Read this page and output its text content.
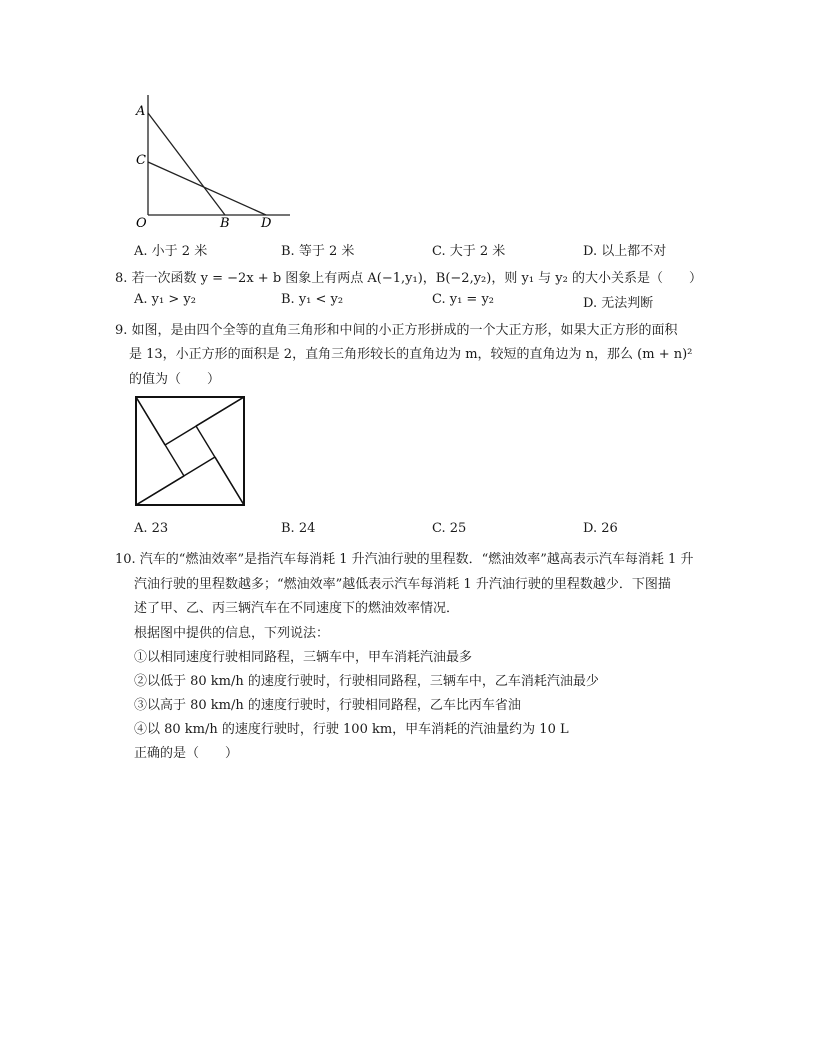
A
C
O	B D
A. 小于 2 米	B. 等于 2 米	C. 大于 2 米	D. 以上都不对
8. 若一次函数 y = −2x + b 图象上有两点 A(−1,y₁)，B(−2,y₂)，则 y₁ 与 y₂ 的大小关系是（　　）
A. y₁ > y₂	B. y₁ < y₂	C. y₁ = y₂	D. 无法判断
9. 如图，是由四个全等的直角三角形和中间的小正方形拼成的一个大正方形，如果大正方形的面积
是 13，小正方形的面积是 2，直角三角形较长的直角边为 m，较短的直角边为 n，那么 (m + n)²
的值为（　　）
A. 23	B. 24	C. 25	D. 26
10. 汽车的“燃油效率”是指汽车每消耗 1 升汽油行驶的里程数．“燃油效率”越高表示汽车每消耗 1 升
汽油行驶的里程数越多；“燃油效率”越低表示汽车每消耗 1 升汽油行驶的里程数越少．下图描
述了甲、乙、丙三辆汽车在不同速度下的燃油效率情况．
根据图中提供的信息，下列说法：
①以相同速度行驶相同路程，三辆车中，甲车消耗汽油最多
②以低于 80 km/h 的速度行驶时，行驶相同路程，三辆车中，乙车消耗汽油最少
③以高于 80 km/h 的速度行驶时，行驶相同路程，乙车比丙车省油
④以 80 km/h 的速度行驶时，行驶 100 km，甲车消耗的汽油量约为 10 L
正确的是（　　）
